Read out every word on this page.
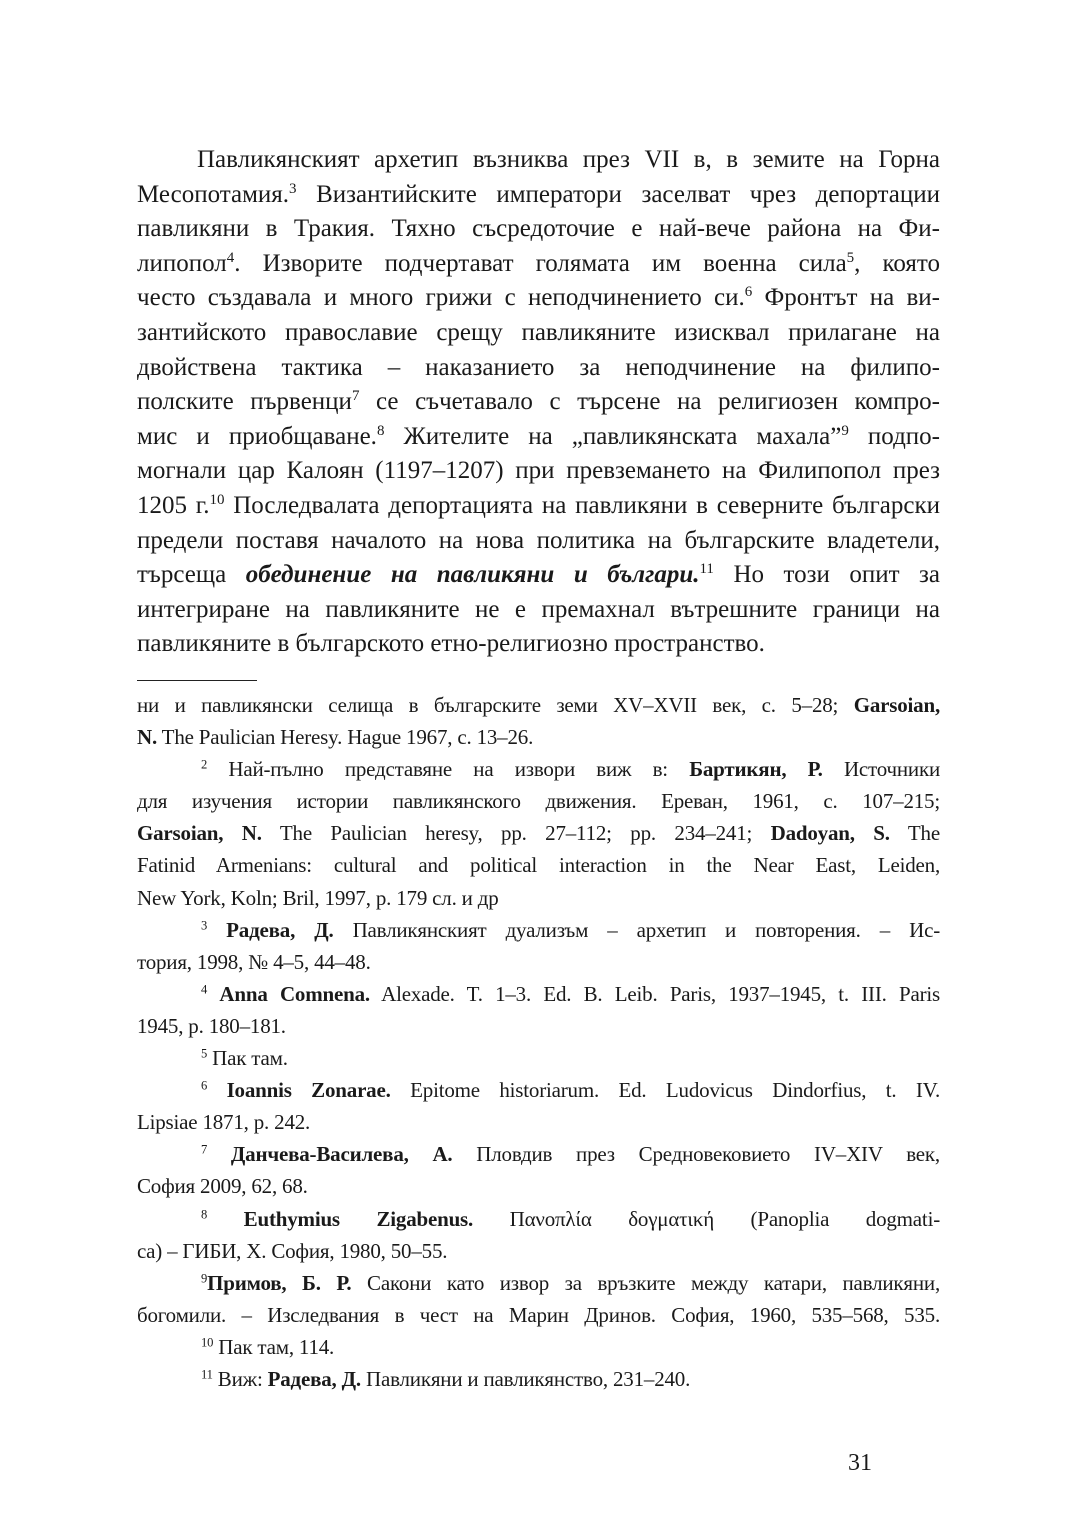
Павликянският архетип възниква през VII в, в земите на Горна
Месопотамия.$^3$ Византийските императори заселват чрез депортации
павликяни в Тракия. Тяхно съсредоточие е най-вече района на Фи-
липопол$^4$. Изворите подчертават голямата им военна сила$^5$, която
често създавала и много грижи с неподчинението си.$^6$ Фронтът на ви-
зантийското православие срещу павликяните изисквал прилагане на
двойствена тактика – наказанието за неподчинение на филипо-
полските първенци$^7$ се съчетавало с търсене на религиозен компро-
мис и приобщаване.$^8$ Жителите на „павликянската махала”$^9$ подпо-
могнали цар Калоян (1197–1207) при превземането на Филипопол през
1205 г.$^{10}$ Последвалата депортацията на павликяни в северните български
предели поставя началото на нова политика на българските владетели,
търсеща обединение на павликяни и българи.$^{11}$ Но този опит за
интегриране на павликяните не е премахнал вътрешните граници на
павликяните в българското етно-религиозно пространство.
ни и павликянски селища в българските земи XV–XVII век, с. 5–28; Garsoian,
N. The Paulician Heresy. Hague 1967, с. 13–26.
$^2$ Най-пълно представяне на извори виж в: Бартикян, Р. Источники
для изучения истории павликянского движения. Ереван, 1961, с. 107–215;
Garsoian, N. The Paulician heresy, pp. 27–112; pp. 234–241; Dadoyan, S. The
Fatinid Armenians: cultural and political interaction in the Near East, Leiden,
New York, Koln; Bril, 1997, p. 179 сл. и др
$^3$ Радева, Д. Павликянският дуализъм – архетип и повторения. – Ис-
тория, 1998, № 4–5, 44–48.
$^4$ Anna Comnena. Alexade. T. 1–3. Ed. B. Leib. Paris, 1937–1945, t. III. Paris
1945, p. 180–181.
$^5$ Пак там.
$^6$ Ioannis Zonarae. Epitome historiarum. Ed. Ludovicus Dindorfius, t. IV.
Lipsiae 1871, p. 242.
$^7$ Данчева-Василева, А. Пловдив през Средновековието IV–XIV век,
София 2009, 62, 68.
$^8$ Euthymius Zigabenus. Πανοπλία δογματική (Panoplia dogmati-
ca) – ГИБИ, Х. София, 1980, 50–55.
$^9$Примов, Б. Р. Сакони като извор за връзките между катари, павликяни,
богомили. – Изследвания в чест на Марин Дринов. София, 1960, 535–568, 535.
$^{10}$ Пак там, 114.
$^{11}$ Виж: Радева, Д. Павликяни и павликянство, 231–240.
31
